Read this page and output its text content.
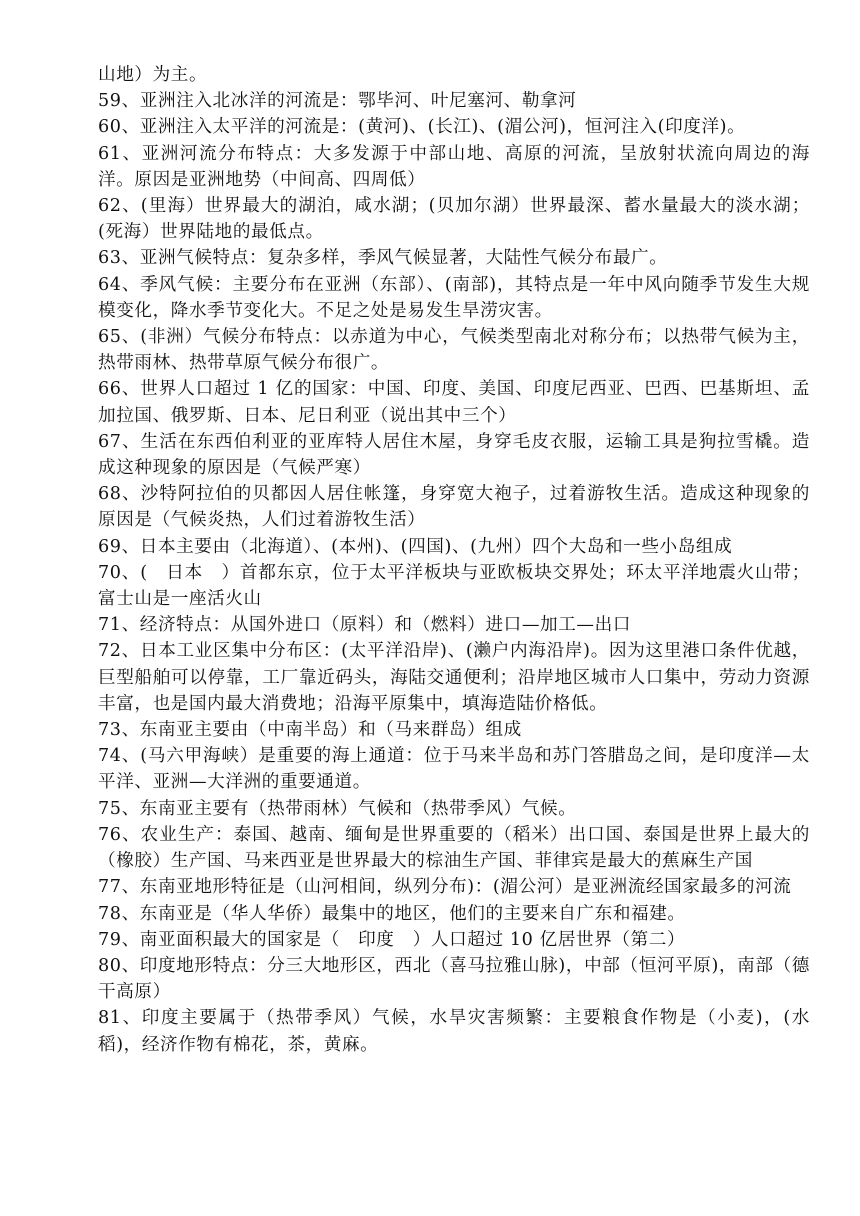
山地）为主。

59、亚洲注入北冰洋的河流是：鄂毕河、叶尼塞河、勒拿河

60、亚洲注入太平洋的河流是：(黄河)、(长江)、(湄公河)，恒河注入(印度洋)。

61、亚洲河流分布特点：大多发源于中部山地、高原的河流，呈放射状流向周边的海洋。原因是亚洲地势（中间高、四周低）

62、(里海）世界最大的湖泊，咸水湖；(贝加尔湖）世界最深、蓄水量最大的淡水湖；(死海）世界陆地的最低点。

63、亚洲气候特点：复杂多样，季风气候显著，大陆性气候分布最广。

64、季风气候：主要分布在亚洲（东部）、(南部)，其特点是一年中风向随季节发生大规模变化，降水季节变化大。不足之处是易发生旱涝灾害。

65、(非洲）气候分布特点：以赤道为中心，气候类型南北对称分布；以热带气候为主，热带雨林、热带草原气候分布很广。

66、世界人口超过 1 亿的国家：中国、印度、美国、印度尼西亚、巴西、巴基斯坦、孟加拉国、俄罗斯、日本、尼日利亚（说出其中三个）

67、生活在东西伯利亚的亚库特人居住木屋，身穿毛皮衣服，运输工具是狗拉雪橇。造成这种现象的原因是（气候严寒）

68、沙特阿拉伯的贝都因人居住帐篷，身穿宽大袍子，过着游牧生活。造成这种现象的原因是（气候炎热，人们过着游牧生活）

69、日本主要由（北海道）、(本州)、(四国)、(九州）四个大岛和一些小岛组成

70、(　日本　）首都东京，位于太平洋板块与亚欧板块交界处；环太平洋地震火山带；富士山是一座活火山

71、经济特点：从国外进口（原料）和（燃料）进口—加工—出口

72、日本工业区集中分布区：(太平洋沿岸)、(濑户内海沿岸)。因为这里港口条件优越，巨型船舶可以停靠，工厂靠近码头，海陆交通便利；沿岸地区城市人口集中，劳动力资源丰富，也是国内最大消费地；沿海平原集中，填海造陆价格低。

73、东南亚主要由（中南半岛）和（马来群岛）组成

74、(马六甲海峡）是重要的海上通道：位于马来半岛和苏门答腊岛之间，是印度洋—太平洋、亚洲—大洋洲的重要通道。

75、东南亚主要有（热带雨林）气候和（热带季风）气候。

76、农业生产：泰国、越南、缅甸是世界重要的（稻米）出口国、泰国是世界上最大的（橡胶）生产国、马来西亚是世界最大的棕油生产国、菲律宾是最大的蕉麻生产国

77、东南亚地形特征是（山河相间，纵列分布)：(湄公河）是亚洲流经国家最多的河流

78、东南亚是（华人华侨）最集中的地区，他们的主要来自广东和福建。

79、南亚面积最大的国家是（　印度　）人口超过 10 亿居世界（第二）

80、印度地形特点：分三大地形区，西北（喜马拉雅山脉)，中部（恒河平原)，南部（德干高原）

81、印度主要属于（热带季风）气候，水旱灾害频繁：主要粮食作物是（小麦)，(水稻)，经济作物有棉花，茶，黄麻。
